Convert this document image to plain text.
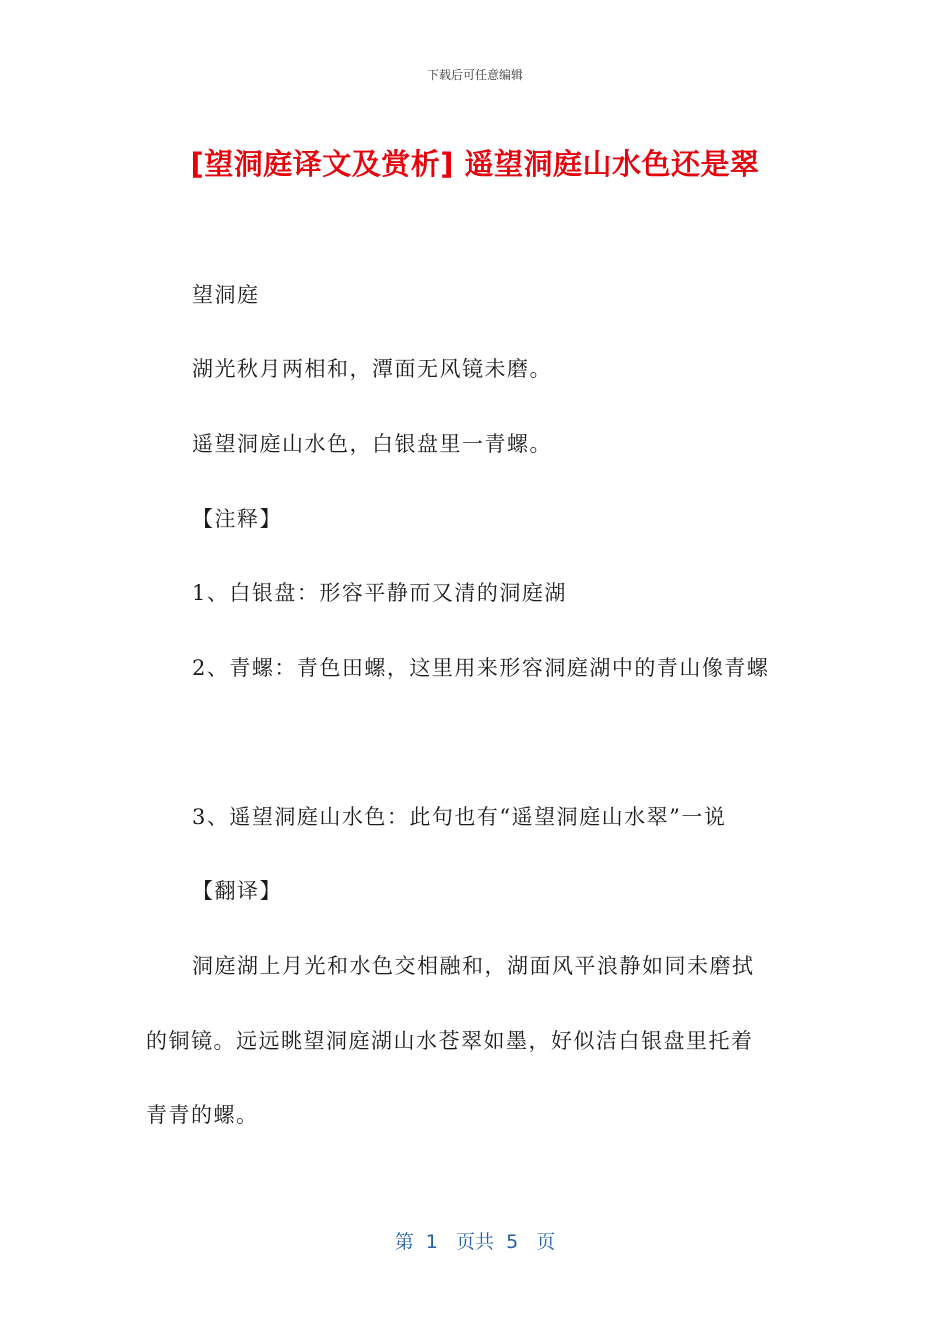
下载后可任意编辑
[望洞庭译文及赏析] 遥望洞庭山水色还是翠
望洞庭
湖光秋月两相和，潭面无风镜未磨。
遥望洞庭山水色，白银盘里一青螺。
【注释】
1、白银盘：形容平静而又清的洞庭湖
2、青螺：青色田螺，这里用来形容洞庭湖中的青山像青螺
3、遥望洞庭山水色：此句也有“遥望洞庭山水翠”一说
【翻译】
洞庭湖上月光和水色交相融和，湖面风平浪静如同未磨拭
的铜镜。远远眺望洞庭湖山水苍翠如墨，好似洁白银盘里托着
青青的螺。
第  1   页共  5   页
